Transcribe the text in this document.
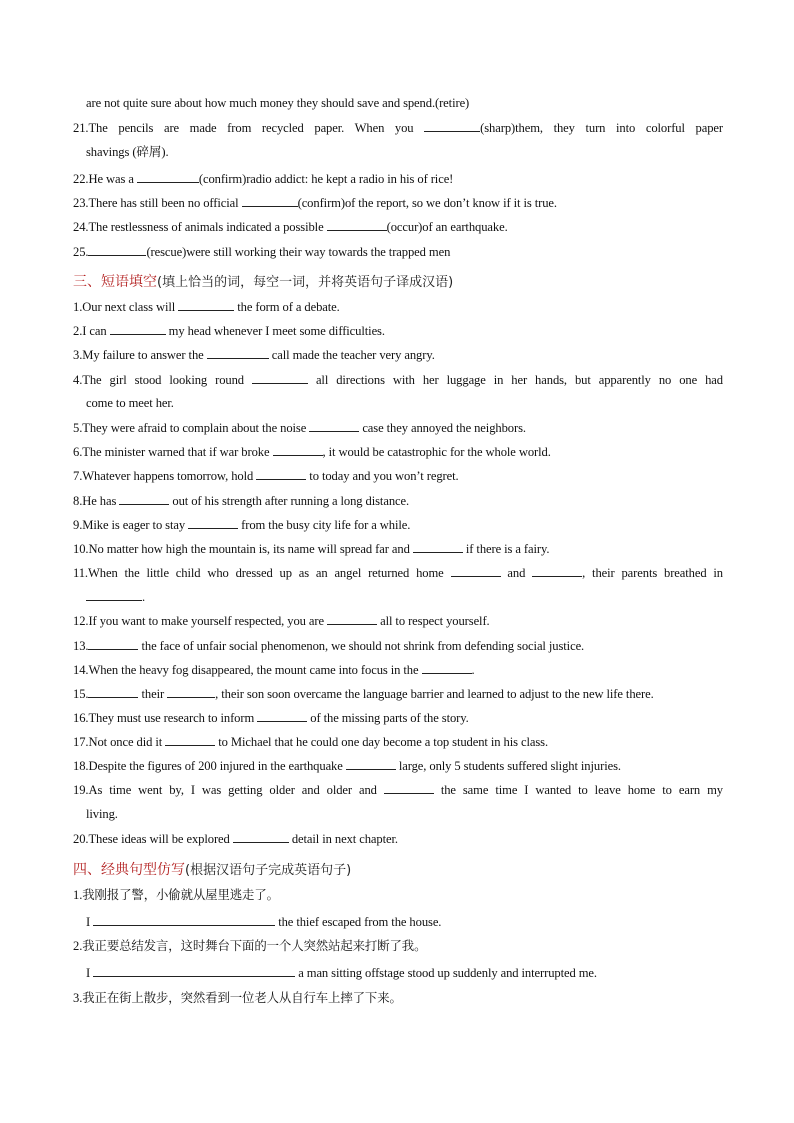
are not quite sure about how much money they should save and spend.(retire)
21.The pencils are made from recycled paper. When you	(sharp)them, they turn into colorful paper
shavings (碎屑).
22.He was a	(confirm)radio addict: he kept a radio in his of rice!
23.There has still been no official	(confirm)of the report, so we don’t know if it is true.
24.The restlessness of animals indicated a possible	(occur)of an earthquake.
25.	(rescue)were still working their way towards the trapped men
三、短语填空(填上恰当的词，每空一词，并将英语句子译成汉语)
1.Our next class will	the form of a debate.
2.I can	my head whenever I meet some difficulties.
3.My failure to answer the	call made the teacher very angry.
4.The girl stood looking round	all directions with her luggage in her hands, but apparently no one had
come to meet her.
5.They were afraid to complain about the noise	case they annoyed the neighbors.
6.The minister warned that if war broke	, it would be catastrophic for the whole world.
7.Whatever happens tomorrow, hold	to today and you won’t regret.
8.He has	out of his strength after running a long distance.
9.Mike is eager to stay	from the busy city life for a while.
10.No matter how high the mountain is, its name will spread far and	if there is a fairy.
11.When the little child who dressed up as an angel returned home	and	, their parents breathed in
.
12.If you want to make yourself respected, you are	all to respect yourself.
13.	the face of unfair social phenomenon, we should not shrink from defending social justice.
14.When the heavy fog disappeared, the mount came into focus in the	.
15.	their	, their son soon overcame the language barrier and learned to adjust to the new life there.
16.They must use research to inform	of the missing parts of the story.
17.Not once did it	to Michael that he could one day become a top student in his class.
18.Despite the figures of 200 injured in the earthquake	large, only 5 students suffered slight injuries.
19.As time went by, I was getting older and older and	the same time I wanted to leave home to earn my
living.
20.These ideas will be explored	detail in next chapter.
四、经典句型仿写(根据汉语句子完成英语句子)
1.我刚报了警，小偷就从屋里逃走了。
I	the thief escaped from the house.
2.我正要总结发言，这时舞台下面的一个人突然站起来打断了我。
I	a man sitting offstage stood up suddenly and interrupted me.
3.我正在街上散步，突然看到一位老人从自行车上摔了下来。
